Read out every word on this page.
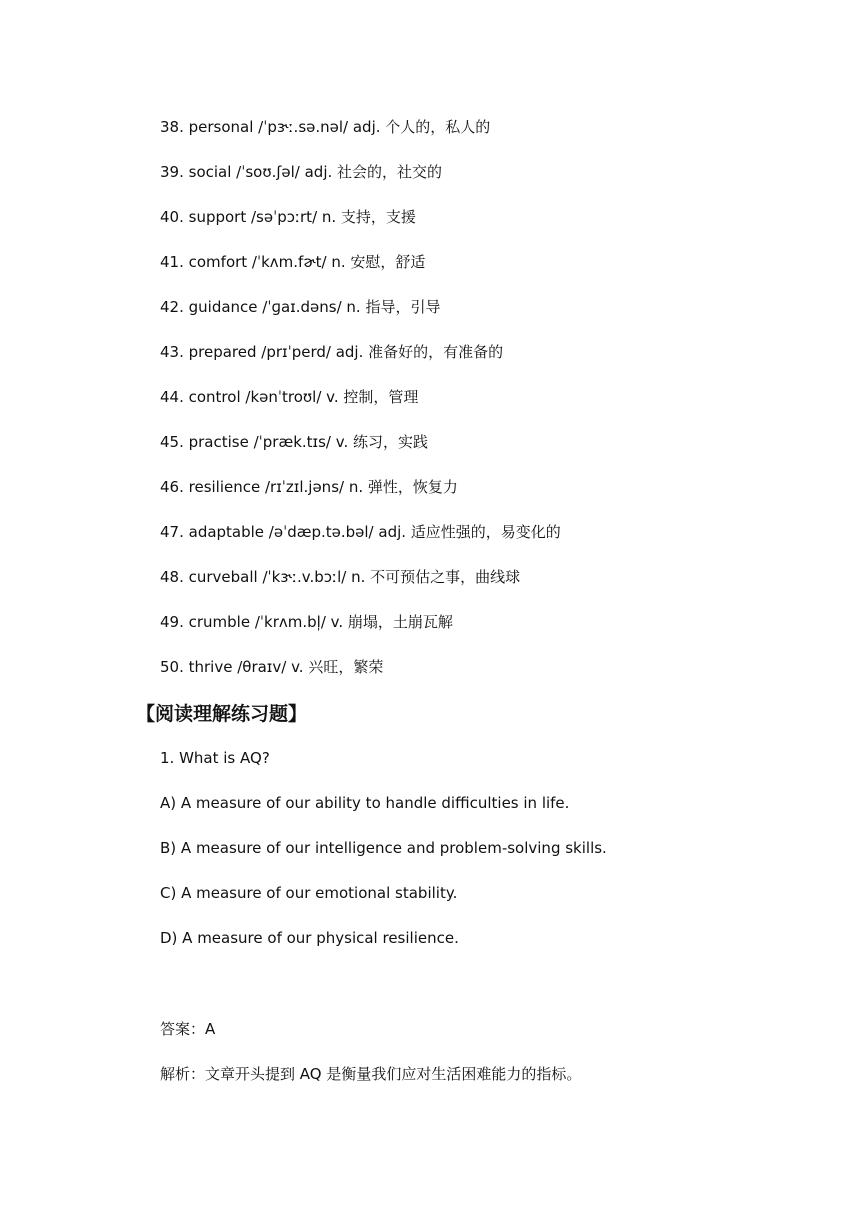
38. personal /ˈpɝː.sə.nəl/ adj. 个人的，私人的
39. social /ˈsoʊ.ʃəl/ adj. 社会的，社交的
40. support /səˈpɔːrt/ n. 支持，支援
41. comfort /ˈkʌm.fɚt/ n. 安慰，舒适
42. guidance /ˈɡaɪ.dəns/ n. 指导，引导
43. prepared /prɪˈperd/ adj. 准备好的，有准备的
44. control /kənˈtroʊl/ v. 控制，管理
45. practise /ˈpræk.tɪs/ v. 练习，实践
46. resilience /rɪˈzɪl.jəns/ n. 弹性，恢复力
47. adaptable /əˈdæp.tə.bəl/ adj. 适应性强的，易变化的
48. curveball /ˈkɝː.v.bɔːl/ n. 不可预估之事，曲线球
49. crumble /ˈkrʌm.bl̩/ v. 崩塌，土崩瓦解
50. thrive /θraɪv/ v. 兴旺，繁荣
【阅读理解练习题】
1. What is AQ?
A) A measure of our ability to handle difficulties in life.
B) A measure of our intelligence and problem-solving skills.
C) A measure of our emotional stability.
D) A measure of our physical resilience.
答案：A
解析：文章开头提到 AQ 是衡量我们应对生活困难能力的指标。
